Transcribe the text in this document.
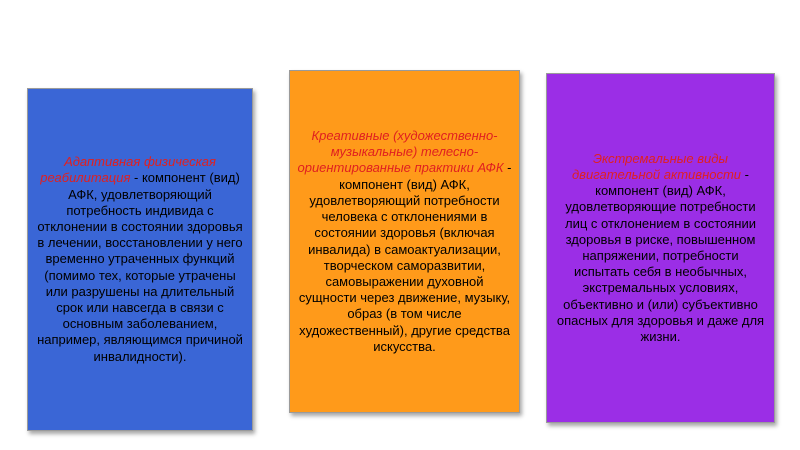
Адаптивная физическая реабилитация - компонент (вид) АФК, удовлетворяющий потребность индивида с отклонении в состоянии здоровья в лечении, восстановлении у него временно утраченных функций (помимо тех, которые утрачены или разрушены на длительный срок или навсегда в связи с основным заболеванием, например, являющимся причиной инвалидности).
Креативные (художественно-музыкальные) телесно-ориентированные практики АФК - компонент (вид) АФК, удовлетворяющий потребности человека с отклонениями в состоянии здоровья (включая инвалида) в самоактуализации, творческом саморазвитии, самовыражении духовной сущности через движение, музыку, образ (в том числе художественный), другие средства искусства.
Экстремальные виды двигательной активности - компонент (вид) АФК, удовлетворяющие потребности лиц с отклонением в состоянии здоровья в риске, повышенном напряжении, потребности испытать себя в необычных, экстремальных условиях, объективно и (или) субъективно опасных для здоровья и даже для жизни.
